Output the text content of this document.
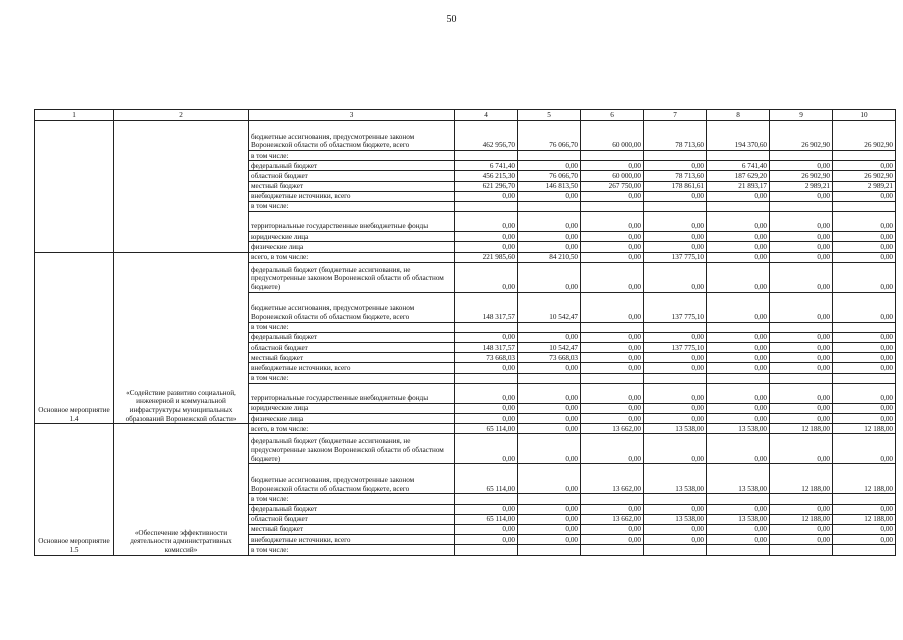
50
1	2	3	4	5	6	7	8	9	10
		бюджетные ассигнования, предусмотренные законом Воронежской области об областном бюджете, всего	462 956,70	76 066,70	60 000,00	78 713,60	194 370,60	26 902,90	26 902,90
		в том числе:							
		федеральный бюджет	6 741,40	0,00	0,00	0,00	6 741,40	0,00	0,00
		областной бюджет	456 215,30	76 066,70	60 000,00	78 713,60	187 629,20	26 902,90	26 902,90
		местный бюджет	621 296,70	146 813,50	267 750,00	178 861,61	21 893,17	2 989,21	2 989,21
		внебюджетные источники, всего	0,00	0,00	0,00	0,00	0,00	0,00	0,00
		в том числе:							
		территориальные государственные внебюджетные фонды	0,00	0,00	0,00	0,00	0,00	0,00	0,00
		юридические лица	0,00	0,00	0,00	0,00	0,00	0,00	0,00
		физические лица	0,00	0,00	0,00	0,00	0,00	0,00	0,00
Основное мероприятие 1.4	«Содействие развитию социальной, инженерной и коммунальной инфраструктуры муниципальных образований Воронежской области»	всего, в том числе:	221 985,60	84 210,50	0,00	137 775,10	0,00	0,00	0,00
		федеральный бюджет (бюджетные ассигнования, не предусмотренные законом Воронежской области об областном бюджете)	0,00	0,00	0,00	0,00	0,00	0,00	0,00
		бюджетные ассигнования, предусмотренные законом Воронежской области об областном бюджете, всего	148 317,57	10 542,47	0,00	137 775,10	0,00	0,00	0,00
		в том числе:							
		федеральный бюджет	0,00	0,00	0,00	0,00	0,00	0,00	0,00
		областной бюджет	148 317,57	10 542,47	0,00	137 775,10	0,00	0,00	0,00
		местный бюджет	73 668,03	73 668,03	0,00	0,00	0,00	0,00	0,00
		внебюджетные источники, всего	0,00	0,00	0,00	0,00	0,00	0,00	0,00
		в том числе:							
		территориальные государственные внебюджетные фонды	0,00	0,00	0,00	0,00	0,00	0,00	0,00
		юридические лица	0,00	0,00	0,00	0,00	0,00	0,00	0,00
		физические лица	0,00	0,00	0,00	0,00	0,00	0,00	0,00
Основное мероприятие 1.5	«Обеспечение эффективности деятельности административных комиссий»	всего, в том числе:	65 114,00	0,00	13 662,00	13 538,00	13 538,00	12 188,00	12 188,00
		федеральный бюджет (бюджетные ассигнования, не предусмотренные законом Воронежской области об областном бюджете)	0,00	0,00	0,00	0,00	0,00	0,00	0,00
		бюджетные ассигнования, предусмотренные законом Воронежской области об областном бюджете, всего	65 114,00	0,00	13 662,00	13 538,00	13 538,00	12 188,00	12 188,00
		в том числе:							
		федеральный бюджет	0,00	0,00	0,00	0,00	0,00	0,00	0,00
		областной бюджет	65 114,00	0,00	13 662,00	13 538,00	13 538,00	12 188,00	12 188,00
		местный бюджет	0,00	0,00	0,00	0,00	0,00	0,00	0,00
		внебюджетные источники, всего	0,00	0,00	0,00	0,00	0,00	0,00	0,00
		в том числе:							
